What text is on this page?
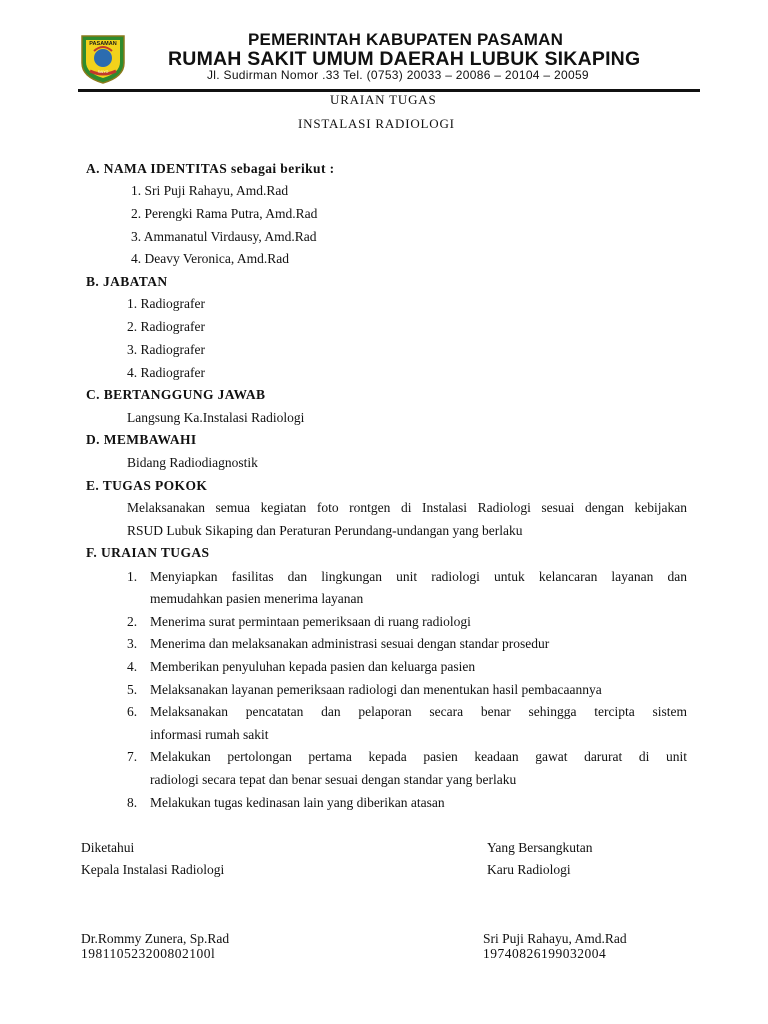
PASAMAN
SAIYO
PEMERINTAH KABUPATEN PASAMAN
RUMAH SAKIT UMUM DAERAH LUBUK SIKAPING
Jl. Sudirman Nomor .33 Tel. (0753) 20033 – 20086 – 20104 – 20059
URAIAN TUGAS
INSTALASI RADIOLOGI
A. NAMA IDENTITAS sebagai berikut :
1. Sri Puji Rahayu, Amd.Rad
2. Perengki Rama Putra, Amd.Rad
3. Ammanatul Virdausy, Amd.Rad
4. Deavy Veronica, Amd.Rad
B. JABATAN
1. Radiografer
2. Radiografer
3. Radiografer
4. Radiografer
C. BERTANGGUNG JAWAB
Langsung Ka.Instalasi Radiologi
D. MEMBAWAHI
Bidang Radiodiagnostik
E. TUGAS POKOK
Melaksanakan semua kegiatan foto rontgen di Instalasi Radiologi sesuai dengan kebijakan
RSUD Lubuk Sikaping dan Peraturan Perundang-undangan yang berlaku
F. URAIAN TUGAS
1. Menyiapkan fasilitas dan lingkungan unit radiologi untuk kelancaran layanan dan
memudahkan pasien menerima layanan
2. Menerima surat permintaan pemeriksaan di ruang radiologi
3. Menerima dan melaksanakan administrasi sesuai dengan standar prosedur
4. Memberikan penyuluhan kepada pasien dan keluarga pasien
5. Melaksanakan layanan pemeriksaan radiologi dan menentukan hasil pembacaannya
6. Melaksanakan pencatatan dan pelaporan secara benar sehingga tercipta sistem
informasi rumah sakit
7. Melakukan pertolongan pertama kepada pasien keadaan gawat darurat di unit
radiologi secara tepat dan benar sesuai dengan standar yang berlaku
8. Melakukan tugas kedinasan lain yang diberikan atasan
Diketahui
Kepala Instalasi Radiologi
Dr.Rommy Zunera, Sp.Rad
198110523200802100l
Yang Bersangkutan
Karu Radiologi
Sri Puji Rahayu, Amd.Rad
19740826199032004
